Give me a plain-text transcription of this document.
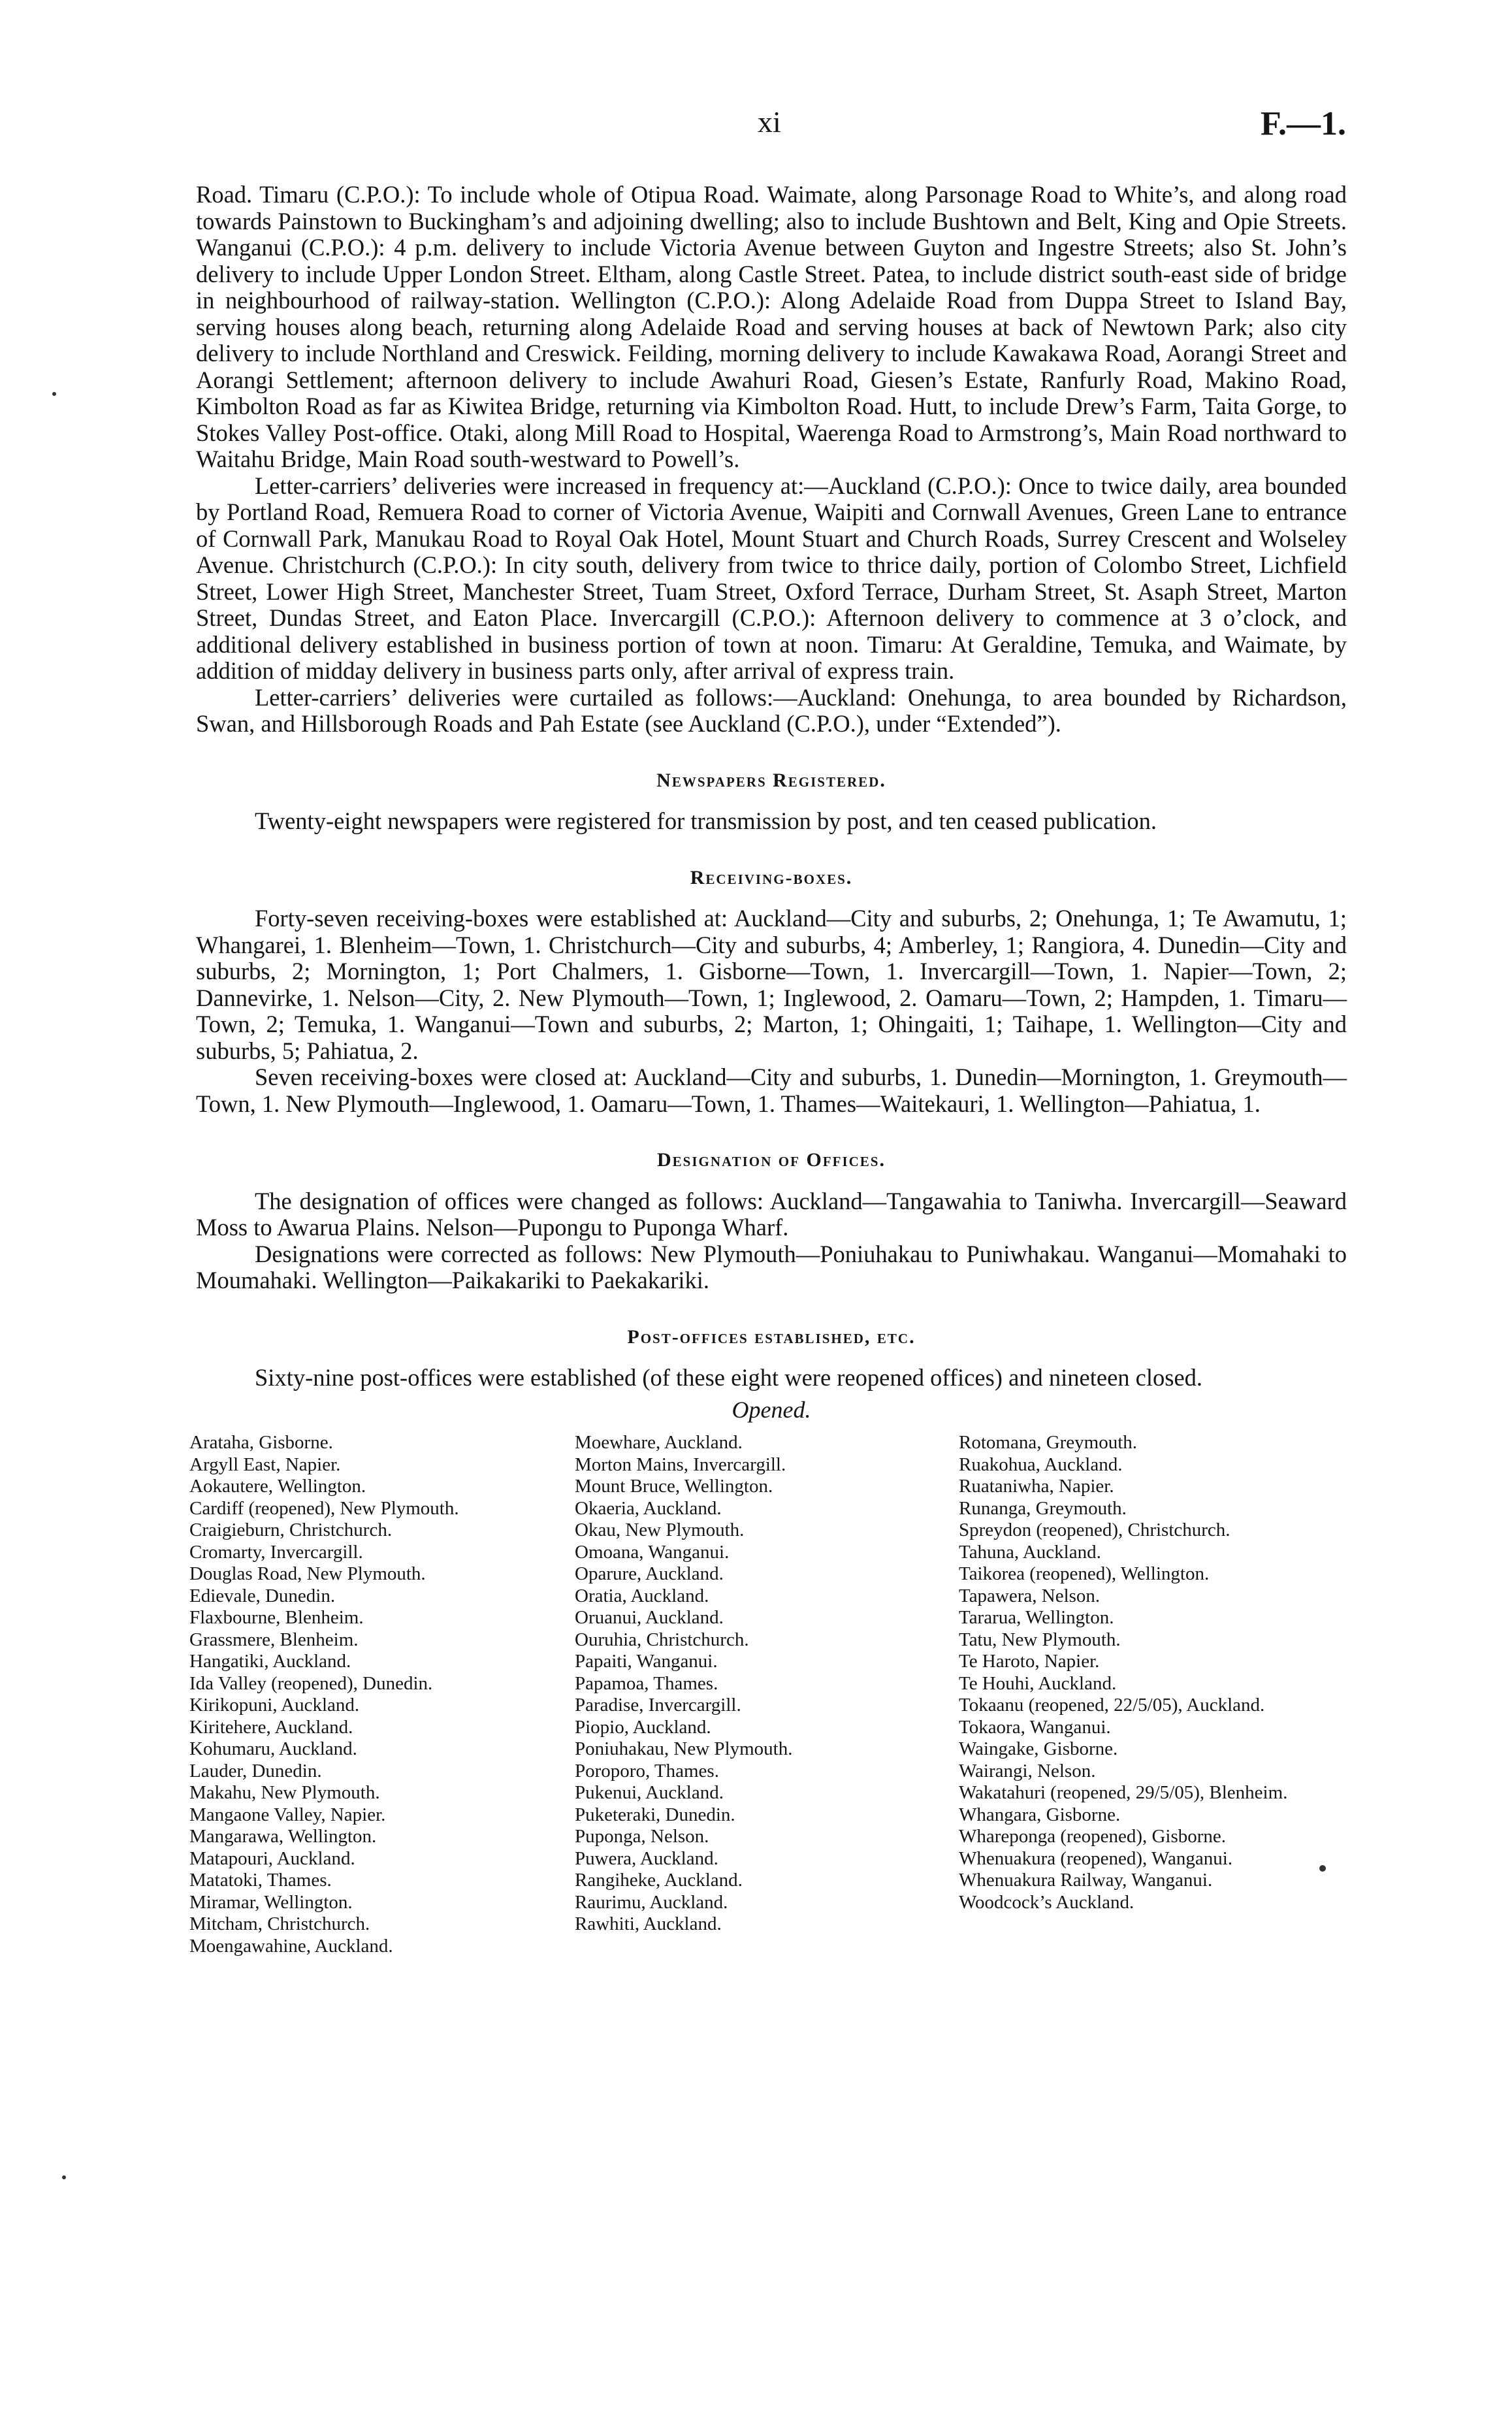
xi	F.—1.

Road. Timaru (C.P.O.): To include whole of Otipua Road. Waimate, along Parsonage Road to White’s, and along road towards Painstown to Buckingham’s and adjoining dwelling; also to include Bushtown and Belt, King and Opie Streets. Wanganui (C.P.O.): 4 p.m. delivery to include Victoria Avenue between Guyton and Ingestre Streets; also St. John’s delivery to include Upper London Street. Eltham, along Castle Street. Patea, to include district south-east side of bridge in neighbourhood of railway-station. Wellington (C.P.O.): Along Adelaide Road from Duppa Street to Island Bay, serving houses along beach, returning along Adelaide Road and serving houses at back of Newtown Park; also city delivery to include Northland and Creswick. Feilding, morning delivery to include Kawakawa Road, Aorangi Street and Aorangi Settlement; afternoon delivery to include Awahuri Road, Giesen’s Estate, Ranfurly Road, Makino Road, Kimbolton Road as far as Kiwitea Bridge, returning via Kimbolton Road. Hutt, to include Drew’s Farm, Taita Gorge, to Stokes Valley Post-office. Otaki, along Mill Road to Hospital, Waerenga Road to Armstrong’s, Main Road northward to Waitahu Bridge, Main Road south-westward to Powell’s.

Letter-carriers’ deliveries were increased in frequency at:—Auckland (C.P.O.): Once to twice daily, area bounded by Portland Road, Remuera Road to corner of Victoria Avenue, Waipiti and Cornwall Avenues, Green Lane to entrance of Cornwall Park, Manukau Road to Royal Oak Hotel, Mount Stuart and Church Roads, Surrey Crescent and Wolseley Avenue. Christchurch (C.P.O.): In city south, delivery from twice to thrice daily, portion of Colombo Street, Lichfield Street, Lower High Street, Manchester Street, Tuam Street, Oxford Terrace, Durham Street, St. Asaph Street, Marton Street, Dundas Street, and Eaton Place. Invercargill (C.P.O.): Afternoon delivery to commence at 3 o’clock, and additional delivery established in business portion of town at noon. Timaru: At Geraldine, Temuka, and Waimate, by addition of midday delivery in business parts only, after arrival of express train.

Letter-carriers’ deliveries were curtailed as follows:—Auckland: Onehunga, to area bounded by Richardson, Swan, and Hillsborough Roads and Pah Estate (see Auckland (C.P.O.), under “Extended”).

Newspapers Registered.

Twenty-eight newspapers were registered for transmission by post, and ten ceased publication.

Receiving-boxes.

Forty-seven receiving-boxes were established at: Auckland—City and suburbs, 2; Onehunga, 1; Te Awamutu, 1; Whangarei, 1. Blenheim—Town, 1. Christchurch—City and suburbs, 4; Amberley, 1; Rangiora, 4. Dunedin—City and suburbs, 2; Mornington, 1; Port Chalmers, 1. Gisborne—Town, 1. Invercargill—Town, 1. Napier—Town, 2; Dannevirke, 1. Nelson—City, 2. New Plymouth—Town, 1; Inglewood, 2. Oamaru—Town, 2; Hampden, 1. Timaru—Town, 2; Temuka, 1. Wanganui—Town and suburbs, 2; Marton, 1; Ohingaiti, 1; Taihape, 1. Wellington—City and suburbs, 5; Pahiatua, 2.

Seven receiving-boxes were closed at: Auckland—City and suburbs, 1. Dunedin—Mornington, 1. Greymouth—Town, 1. New Plymouth—Inglewood, 1. Oamaru—Town, 1. Thames—Waitekauri, 1. Wellington—Pahiatua, 1.

Designation of Offices.

The designation of offices were changed as follows: Auckland—Tangawahia to Taniwha. Invercargill—Seaward Moss to Awarua Plains. Nelson—Pupongu to Puponga Wharf.

Designations were corrected as follows: New Plymouth—Poniuhakau to Puniwhakau. Wanganui—Momahaki to Moumahaki. Wellington—Paikakariki to Paekakariki.

Post-offices established, etc.

Sixty-nine post-offices were established (of these eight were reopened offices) and nineteen closed.

Opened.
Arataha, Gisborne.
Argyll East, Napier.
Aokautere, Wellington.
Cardiff (reopened), New Plymouth.
Craigieburn, Christchurch.
Cromarty, Invercargill.
Douglas Road, New Plymouth.
Edievale, Dunedin.
Flaxbourne, Blenheim.
Grassmere, Blenheim.
Hangatiki, Auckland.
Ida Valley (reopened), Dunedin.
Kirikopuni, Auckland.
Kiritehere, Auckland.
Kohumaru, Auckland.
Lauder, Dunedin.
Makahu, New Plymouth.
Mangaone Valley, Napier.
Mangarawa, Wellington.
Matapouri, Auckland.
Matatoki, Thames.
Miramar, Wellington.
Mitcham, Christchurch.
Moengawahine, Auckland.
Moewhare, Auckland.
Morton Mains, Invercargill.
Mount Bruce, Wellington.
Okaeria, Auckland.
Okau, New Plymouth.
Omoana, Wanganui.
Oparure, Auckland.
Oratia, Auckland.
Oruanui, Auckland.
Ouruhia, Christchurch.
Papaiti, Wanganui.
Papamoa, Thames.
Paradise, Invercargill.
Piopio, Auckland.
Poniuhakau, New Plymouth.
Poroporo, Thames.
Pukenui, Auckland.
Puketeraki, Dunedin.
Puponga, Nelson.
Puwera, Auckland.
Rangiheke, Auckland.
Raurimu, Auckland.
Rawhiti, Auckland.
Rotomana, Greymouth.
Ruakohua, Auckland.
Ruataniwha, Napier.
Runanga, Greymouth.
Spreydon (reopened), Christchurch.
Tahuna, Auckland.
Taikorea (reopened), Wellington.
Tapawera, Nelson.
Tararua, Wellington.
Tatu, New Plymouth.
Te Haroto, Napier.
Te Houhi, Auckland.
Tokaanu (reopened, 22/5/05), Auckland.
Tokaora, Wanganui.
Waingake, Gisborne.
Wairangi, Nelson.
Wakatahuri (reopened, 29/5/05), Blenheim.
Whangara, Gisborne.
Whareponga (reopened), Gisborne.
Whenuakura (reopened), Wanganui.
Whenuakura Railway, Wanganui.
Woodcock’s Auckland.
